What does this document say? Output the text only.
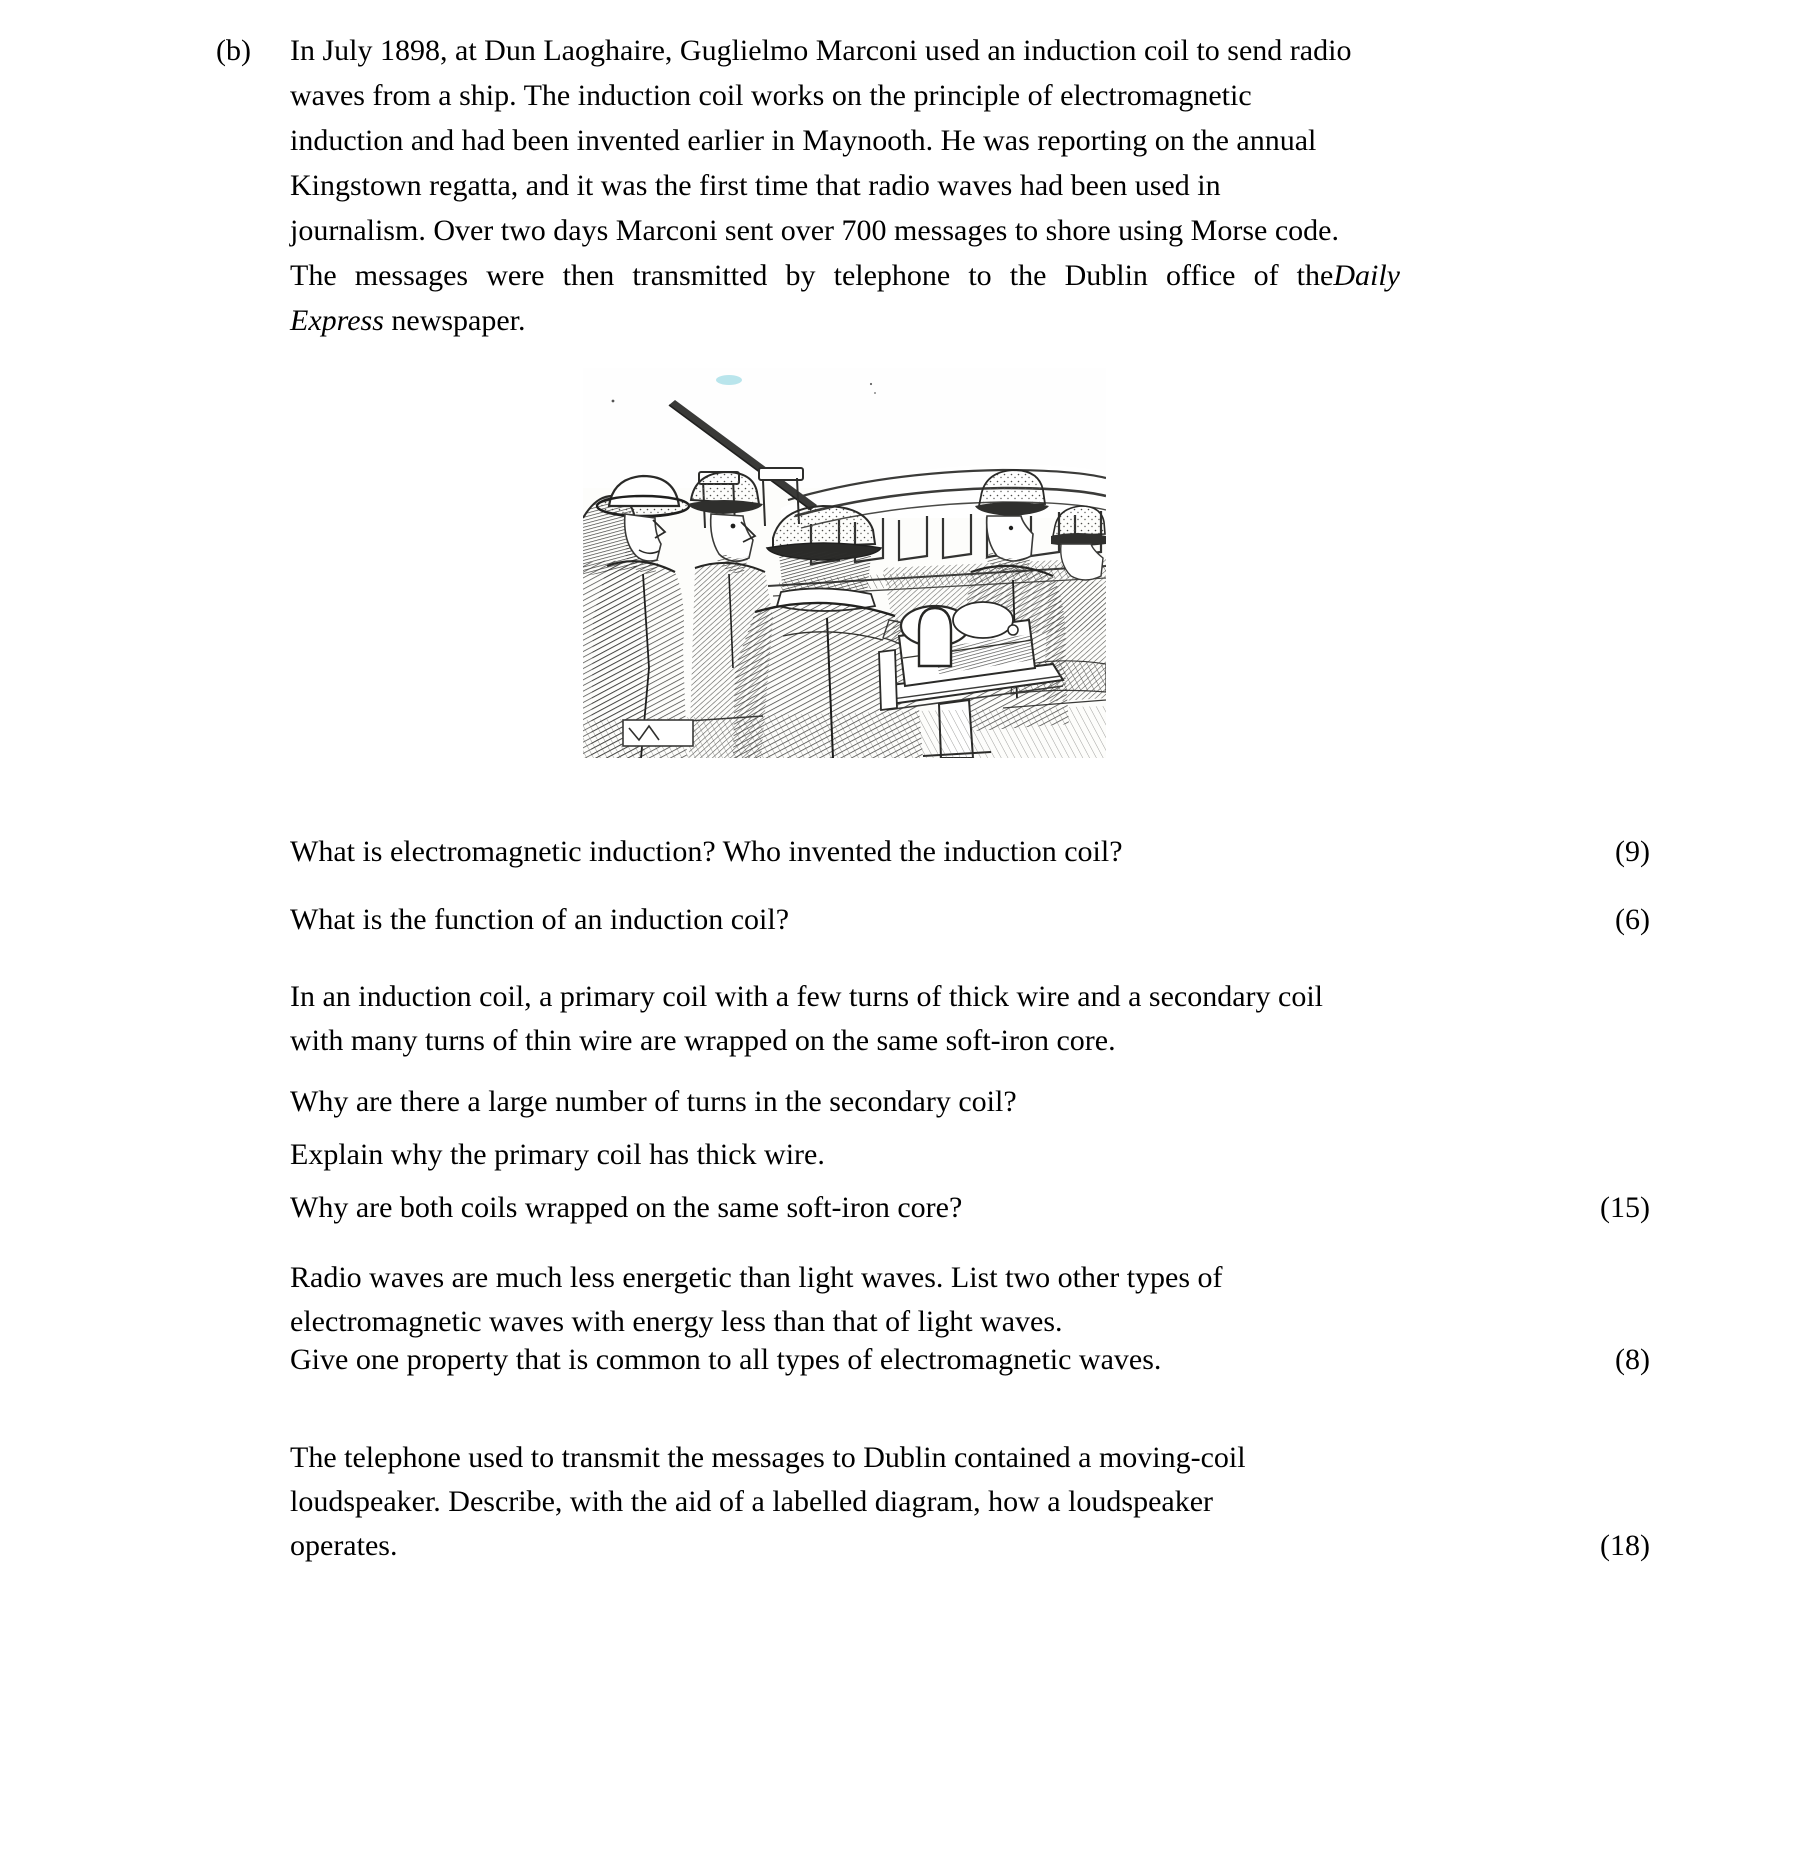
(b)	In July 1898, at Dun Laoghaire, Guglielmo Marconi used an induction coil to send radio
waves from a ship. The induction coil works on the principle of electromagnetic
induction and had been invented earlier in Maynooth. He was reporting on the annual
Kingstown regatta, and it was the first time that radio waves had been used in
journalism. Over two days Marconi sent over 700 messages to shore using Morse code.
The messages were then transmitted by telephone to the Dublin office of the Daily
Express newspaper.
What is electromagnetic induction? Who invented the induction coil?	(9)
What is the function of an induction coil?	(6)
In an induction coil, a primary coil with a few turns of thick wire and a secondary coil
with many turns of thin wire are wrapped on the same soft-iron core.
Why are there a large number of turns in the secondary coil?
Explain why the primary coil has thick wire.
Why are both coils wrapped on the same soft-iron core?	(15)
Radio waves are much less energetic than light waves. List two other types of
electromagnetic waves with energy less than that of light waves.
Give one property that is common to all types of electromagnetic waves.	(8)
The telephone used to transmit the messages to Dublin contained a moving-coil
loudspeaker. Describe, with the aid of a labelled diagram, how a loudspeaker
operates.	(18)
